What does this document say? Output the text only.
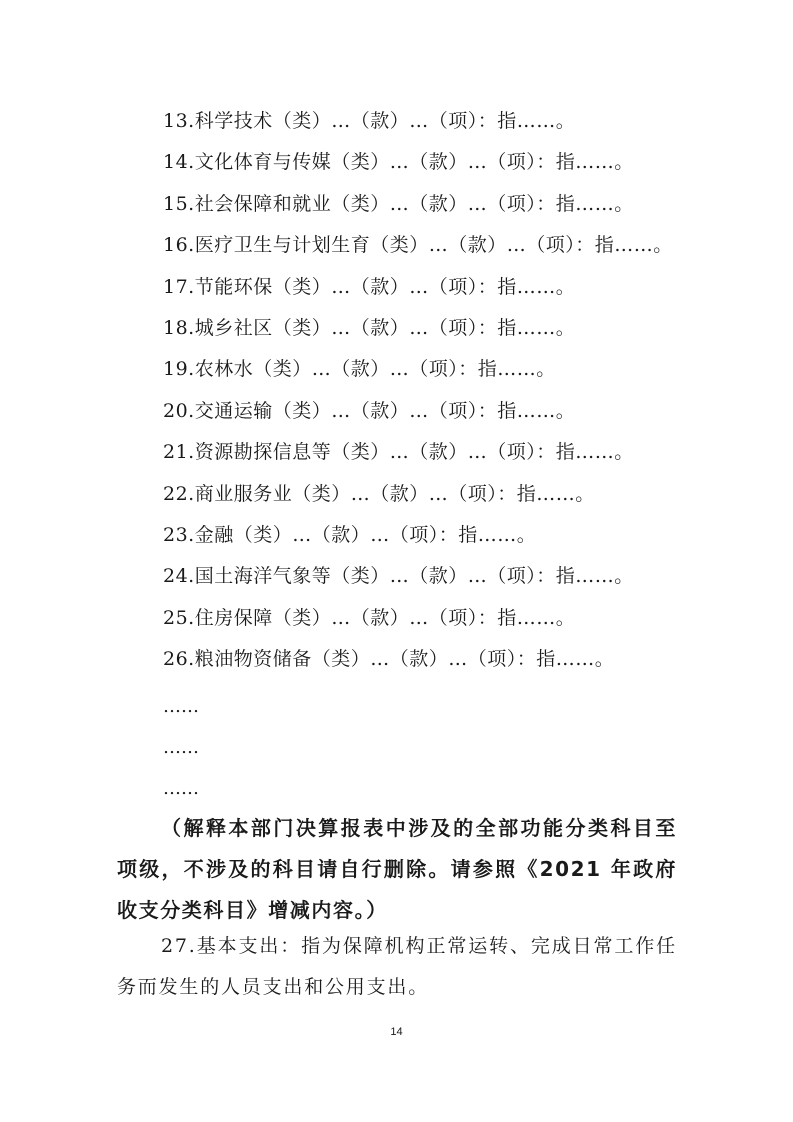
13.科学技术（类）…（款）…（项）：指……。
14.文化体育与传媒（类）…（款）…（项）：指……。
15.社会保障和就业（类）…（款）…（项）：指……。
16.医疗卫生与计划生育（类）…（款）…（项）：指……。
17.节能环保（类）…（款）…（项）：指……。
18.城乡社区（类）…（款）…（项）：指……。
19.农林水（类）…（款）…（项）：指……。
20.交通运输（类）…（款）…（项）：指……。
21.资源勘探信息等（类）…（款）…（项）：指……。
22.商业服务业（类）…（款）…（项）：指……。
23.金融（类）…（款）…（项）：指……。
24.国土海洋气象等（类）…（款）…（项）：指……。
25.住房保障（类）…（款）…（项）：指……。
26.粮油物资储备（类）…（款）…（项）：指……。
……
……
……
（解释本部门决算报表中涉及的全部功能分类科目至项级，不涉及的科目请自行删除。请参照《2021 年政府收支分类科目》增减内容。）
27.基本支出：指为保障机构正常运转、完成日常工作任务而发生的人员支出和公用支出。
14
